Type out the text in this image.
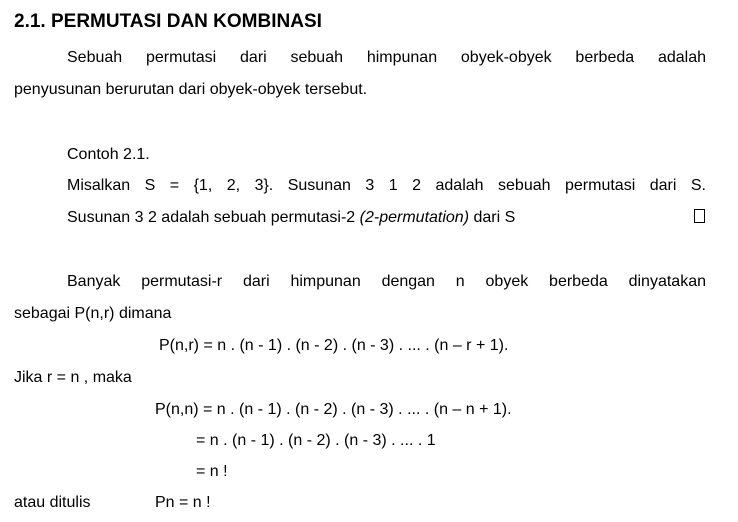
2.1. PERMUTASI DAN KOMBINASI
Sebuah permutasi dari sebuah himpunan obyek-obyek berbeda adalah
penyusunan berurutan dari obyek-obyek tersebut.
Contoh 2.1.
Misalkan S = {1, 2, 3}. Susunan 3 1 2 adalah sebuah permutasi dari S.
Susunan 3 2 adalah sebuah permutasi-2 (2-permutation) dari S
Banyak permutasi-r dari himpunan dengan n obyek berbeda dinyatakan
sebagai P(n,r) dimana
P(n,r) = n . (n - 1) . (n - 2) . (n - 3) . ... . (n – r + 1).
Jika r = n , maka
P(n,n) = n . (n - 1) . (n - 2) . (n - 3) . ... . (n – n + 1).
= n . (n - 1) . (n - 2) . (n - 3) . ... . 1
= n !
atau ditulis	Pn = n !
